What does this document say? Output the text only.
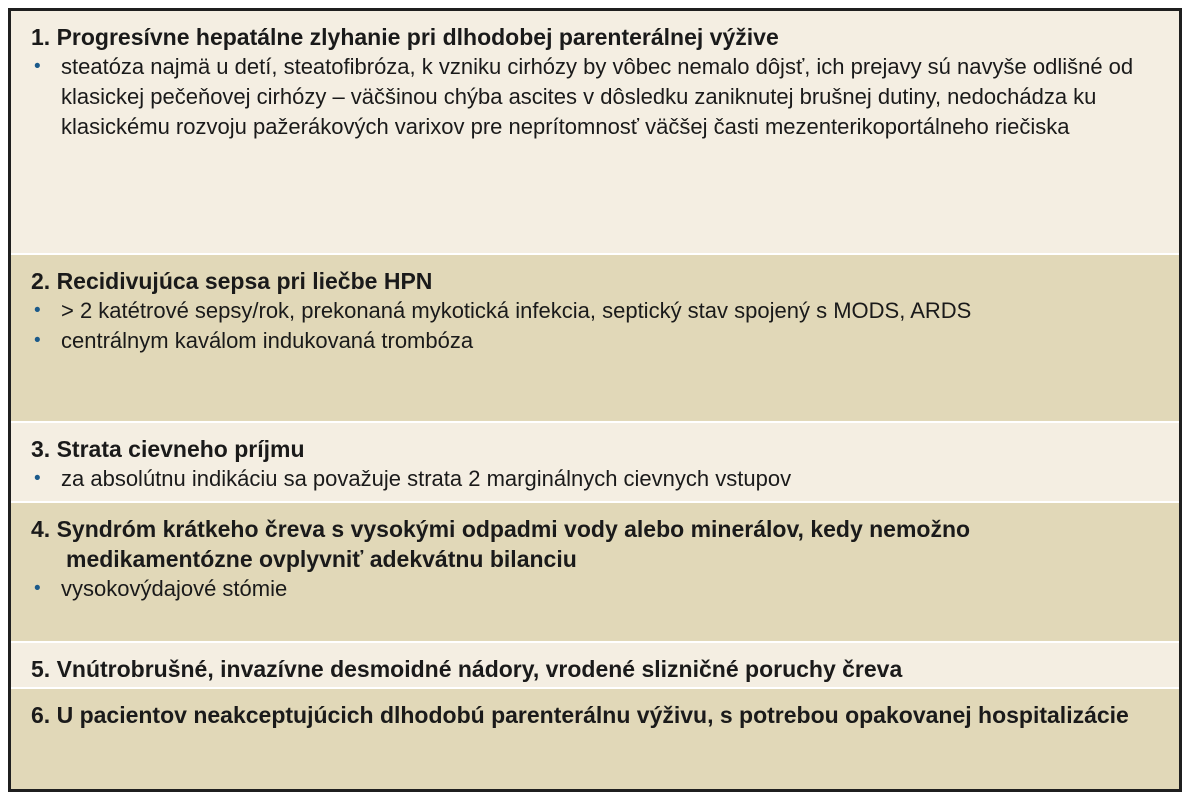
1. Progresívne hepatálne zlyhanie pri dlhodobej parenterálnej výžive

• steatóza najmä u detí, steatofibróza, k vzniku cirhózy by vôbec nemalo dôjsť, ich prejavy sú navyše odlišné od klasickej pečeňovej cirhózy – väčšinou chýba ascites v dôsledku zaniknutej brušnej dutiny, nedochádza ku klasickému rozvoju pažerákových varixov pre neprítomnosť väčšej časti mezenterikoportálneho riečiska

2. Recidivujúca sepsa pri liečbe HPN

• > 2 katétrové sepsy/rok, prekonaná mykotická infekcia, septický stav spojený s MODS, ARDS
• centrálnym kaválom indukovaná trombóza

3. Strata cievneho príjmu

• za absolútnu indikáciu sa považuje strata 2 marginálnych cievnych vstupov

4. Syndróm krátkeho čreva s vysokými odpadmi vody alebo minerálov, kedy nemožno medikamentózne ovplyvniť adekvátnu bilanciu

• vysokovýdajové stómie

5. Vnútrobrušné, invazívne desmoidné nádory, vrodené slizničné poruchy čreva

6. U pacientov neakceptujúcich dlhodobú parenterálnu výživu, s potrebou opakovanej hospitalizácie
